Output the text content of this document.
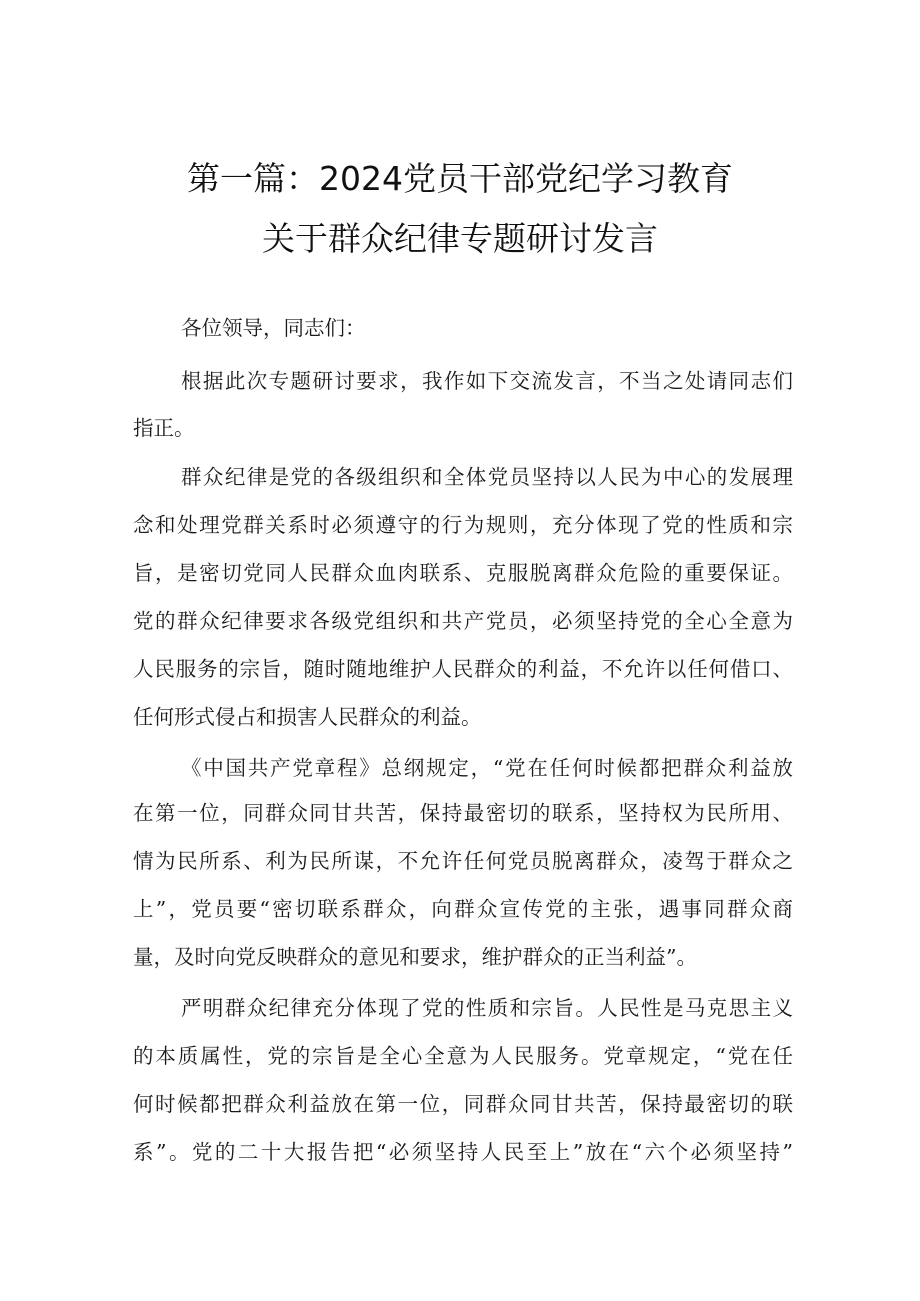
第一篇：2024党员干部党纪学习教育
关于群众纪律专题研讨发言
各位领导，同志们：
根据此次专题研讨要求，我作如下交流发言，不当之处请同志们
指正。
群众纪律是党的各级组织和全体党员坚持以人民为中心的发展理
念和处理党群关系时必须遵守的行为规则，充分体现了党的性质和宗
旨，是密切党同人民群众血肉联系、克服脱离群众危险的重要保证。
党的群众纪律要求各级党组织和共产党员，必须坚持党的全心全意为
人民服务的宗旨，随时随地维护人民群众的利益，不允许以任何借口、
任何形式侵占和损害人民群众的利益。
《中国共产党章程》总纲规定，“党在任何时候都把群众利益放
在第一位，同群众同甘共苦，保持最密切的联系，坚持权为民所用、
情为民所系、利为民所谋，不允许任何党员脱离群众，凌驾于群众之
上”，党员要“密切联系群众，向群众宣传党的主张，遇事同群众商
量，及时向党反映群众的意见和要求，维护群众的正当利益”。
严明群众纪律充分体现了党的性质和宗旨。人民性是马克思主义
的本质属性，党的宗旨是全心全意为人民服务。党章规定，“党在任
何时候都把群众利益放在第一位，同群众同甘共苦，保持最密切的联
系”。党的二十大报告把“必须坚持人民至上”放在“六个必须坚持”
